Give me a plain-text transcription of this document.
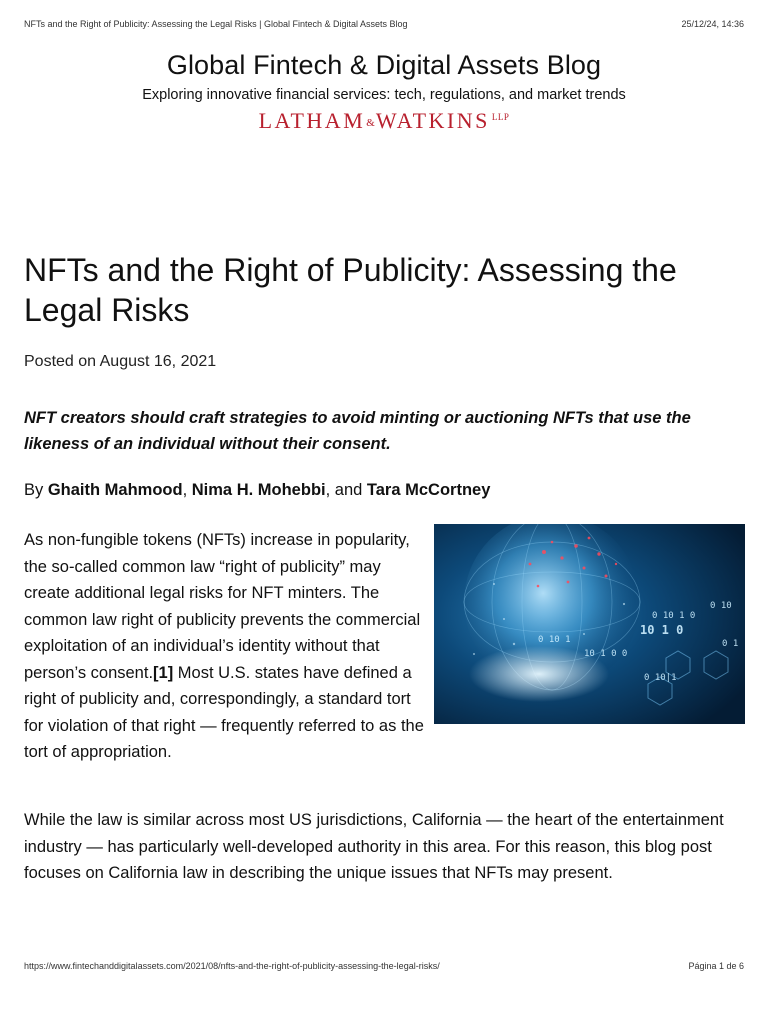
NFTs and the Right of Publicity: Assessing the Legal Risks | Global Fintech & Digital Assets Blog	25/12/24, 14:36
Global Fintech & Digital Assets Blog
Exploring innovative financial services: tech, regulations, and market trends
LATHAM&WATKINS $^{LLP}$
NFTs and the Right of Publicity: Assessing the Legal Risks
Posted on August 16, 2021
NFT creators should craft strategies to avoid minting or auctioning NFTs that use the likeness of an individual without their consent.
By Ghaith Mahmood, Nima H. Mohebbi, and Tara McCortney
As non-fungible tokens (NFTs) increase in popularity, the so-called common law “right of publicity” may create additional legal risks for NFT minters. The common law right of publicity prevents the commercial exploitation of an individual’s identity without that person’s consent.[1] Most U.S. states have defined a right of publicity and, correspondingly, a standard tort for violation of that right — frequently referred to as the tort of appropriation.
0 10
0 10 1 0
10 1 0
0 10 1
0 10|1
10 1 0 0
0 1
While the law is similar across most US jurisdictions, California — the heart of the entertainment industry — has particularly well-developed authority in this area. For this reason, this blog post focuses on California law in describing the unique issues that NFTs may present.
https://www.fintechanddigitalassets.com/2021/08/nfts-and-the-right-of-publicity-assessing-the-legal-risks/	Página 1 de 6
